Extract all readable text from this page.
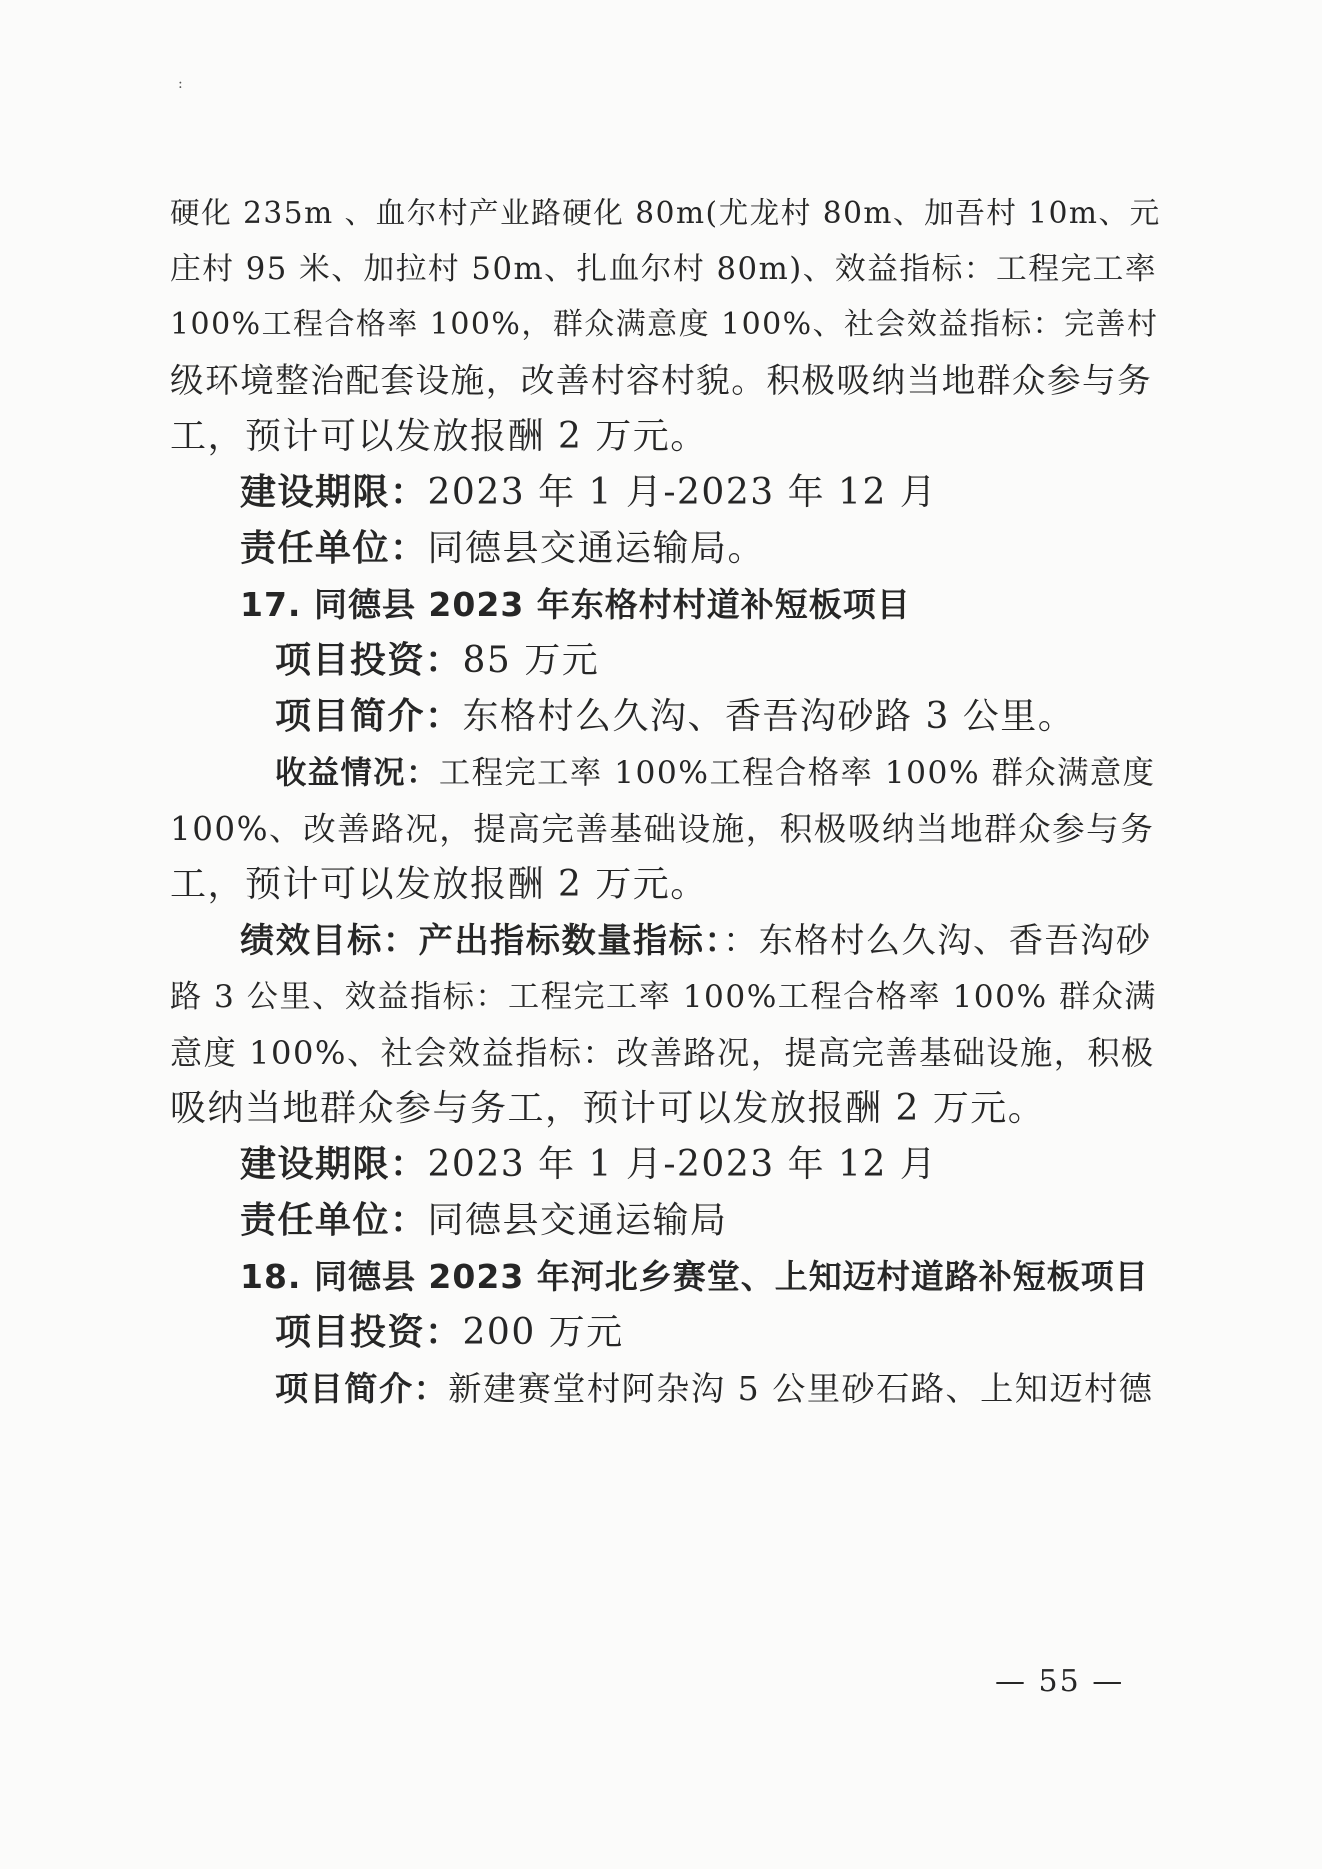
:
硬化 235m 、血尔村产业路硬化 80m(尤龙村 80m、加吾村 10m、元
庄村 95 米、加拉村 50m、扎血尔村 80m)、效益指标：工程完工率
100%工程合格率 100%，群众满意度 100%、社会效益指标：完善村
级环境整治配套设施，改善村容村貌。积极吸纳当地群众参与务
工，预计可以发放报酬 2 万元。
建设期限：2023 年 1 月-2023 年 12 月
责任单位：同德县交通运输局。
17. 同德县 2023 年东格村村道补短板项目
项目投资：85 万元
项目简介：东格村么久沟、香吾沟砂路 3 公里。
收益情况：工程完工率 100%工程合格率 100% 群众满意度
100%、改善路况，提高完善基础设施，积极吸纳当地群众参与务
工，预计可以发放报酬 2 万元。
绩效目标：产出指标数量指标：：东格村么久沟、香吾沟砂
路 3 公里、效益指标：工程完工率 100%工程合格率 100% 群众满
意度 100%、社会效益指标：改善路况，提高完善基础设施，积极
吸纳当地群众参与务工，预计可以发放报酬 2 万元。
建设期限：2023 年 1 月-2023 年 12 月
责任单位：同德县交通运输局
18. 同德县 2023 年河北乡赛堂、上知迈村道路补短板项目
项目投资：200 万元
项目简介：新建赛堂村阿杂沟 5 公里砂石路、上知迈村德
— 55 —
